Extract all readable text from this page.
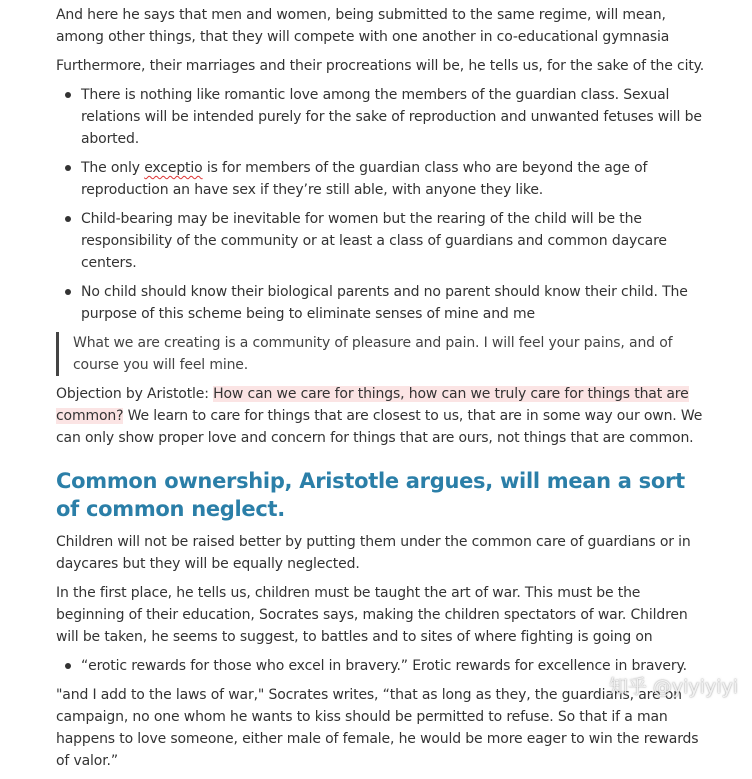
And here he says that men and women, being submitted to the same regime, will mean, among other things, that they will compete with one another in co-educational gymnasia

Furthermore, their marriages and their procreations will be, he tells us, for the sake of the city.

There is nothing like romantic love among the members of the guardian class. Sexual relations will be intended purely for the sake of reproduction and unwanted fetuses will be aborted.
The only exceptio is for members of the guardian class who are beyond the age of reproduction an have sex if they’re still able, with anyone they like.
Child-bearing may be inevitable for women but the rearing of the child will be the responsibility of the community or at least a class of guardians and common daycare centers.
No child should know their biological parents and no parent should know their child. The purpose of this scheme being to eliminate senses of mine and me

What we are creating is a community of pleasure and pain. I will feel your pains, and of course you will feel mine.

Objection by Aristotle: How can we care for things, how can we truly care for things that are common? We learn to care for things that are closest to us, that are in some way our own. We can only show proper love and concern for things that are ours, not things that are common.

Common ownership, Aristotle argues, will mean a sort of common neglect.

Children will not be raised better by putting them under the common care of guardians or in daycares but they will be equally neglected.

In the first place, he tells us, children must be taught the art of war. This must be the beginning of their education, Socrates says, making the children spectators of war. Children will be taken, he seems to suggest, to battles and to sites of where fighting is going on

“erotic rewards for those who excel in bravery.” Erotic rewards for excellence in bravery.

"and I add to the laws of war," Socrates writes, “that as long as they, the guardians, are on campaign, no one whom he wants to kiss should be permitted to refuse. So that if a man happens to love someone, either male of female, he would be more eager to win the rewards of valor.”

知乎 @yiyiyiyi
